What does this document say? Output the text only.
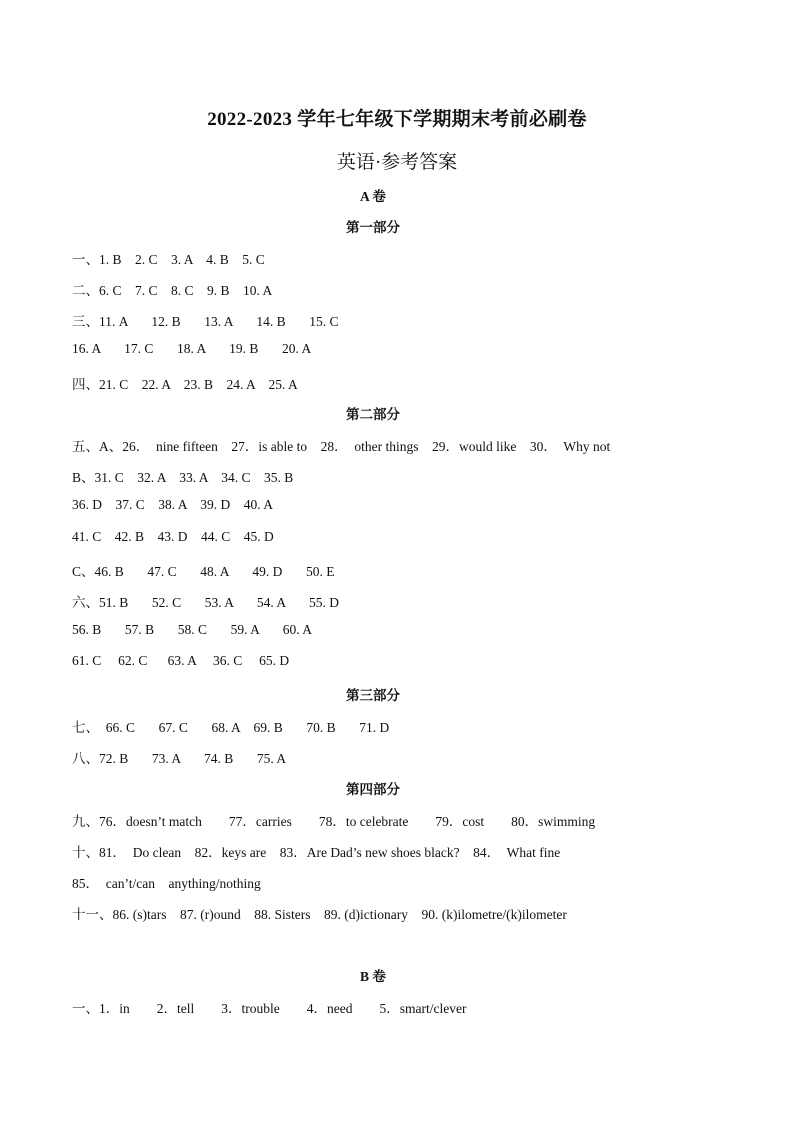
2022-2023 学年七年级下学期期末考前必刷卷
英语·参考答案
A 卷
第一部分
一、1. B    2. C    3. A    4. B    5. C
二、6. C    7. C    8. C    9. B    10. A
三、11. A       12. B       13. A       14. B       15. C
16. A       17. C       18. A       19. B       20. A
四、21. C    22. A    23. B    24. A    25. A
第二部分
五、A、26．  nine fifteen    27．is able to    28．  other things    29．would like    30．  Why not
B、31. C    32. A    33. A    34. C    35. B
36. D    37. C    38. A    39. D    40. A
41. C    42. B    43. D    44. C    45. D
C、46. B       47. C       48. A       49. D       50. E
六、51. B       52. C       53. A       54. A       55. D
56. B       57. B       58. C       59. A       60. A
61. C     62. C      63. A     36. C     65. D
第三部分
七、  66. C       67. C       68. A    69. B       70. B       71. D
八、72. B       73. A       74. B       75. A
第四部分
九、76．doesn’t match        77．carries        78．to celebrate        79．cost        80．swimming
十、81．  Do clean    82．keys are    83．Are Dad’s new shoes black?    84．  What fine
85．  can’t/can    anything/nothing
十一、86. (s)tars    87. (r)ound    88. Sisters    89. (d)ictionary    90. (k)ilometre/(k)ilometer
B 卷
一、1．in        2．tell        3．trouble        4．need        5．smart/clever
